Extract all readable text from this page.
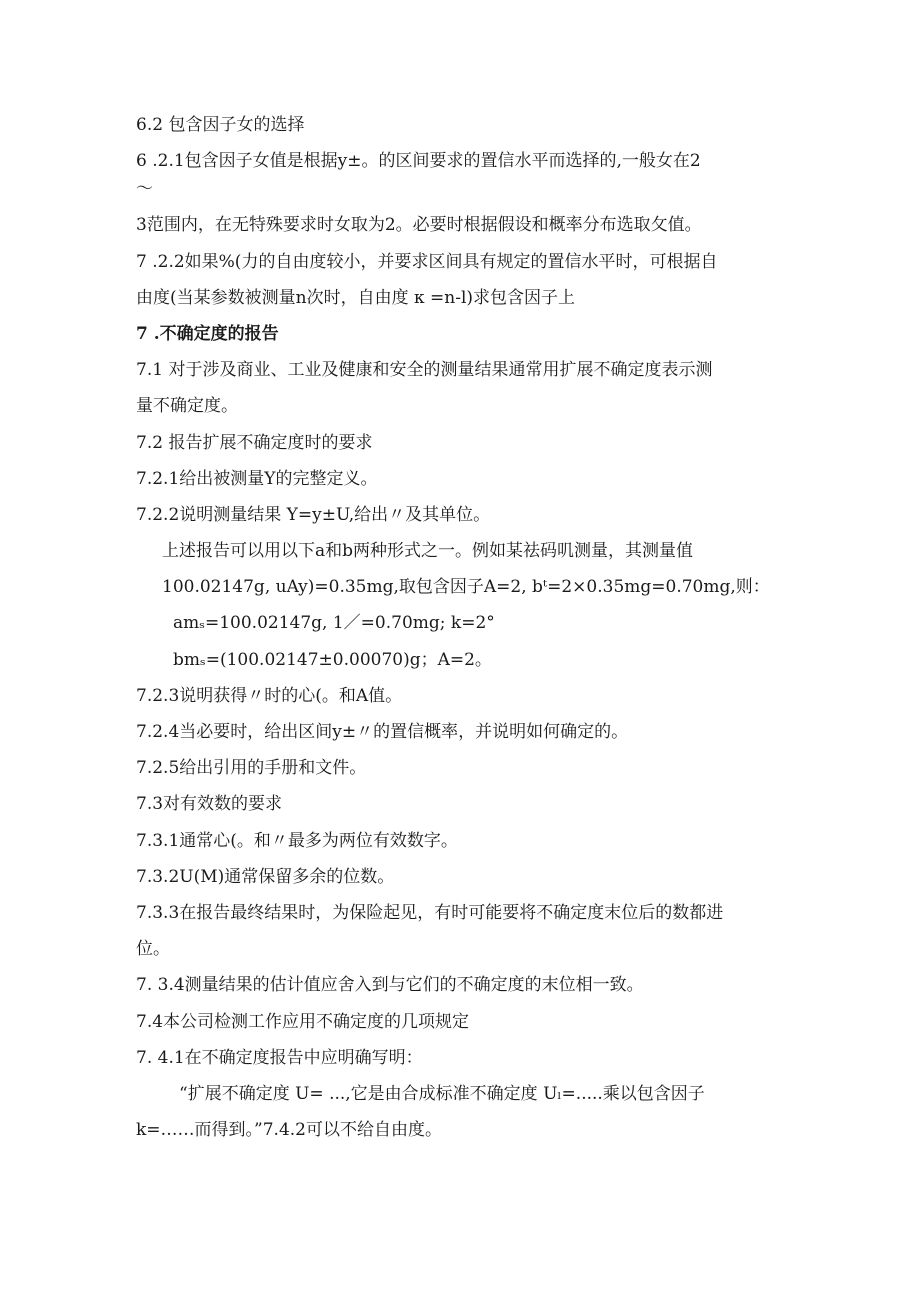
6.2 包含因子女的选择
6 .2.1包含因子女值是根据y±。的区间要求的置信水平而选择的,一般女在2
〜
3范围内，在无特殊要求时女取为2。必要时根据假设和概率分布选取攵值。
7 .2.2如果%(力的自由度较小，并要求区间具有规定的置信水平时，可根据自
由度(当某参数被测量n次时，自由度 κ =n-l)求包含因子上
7 .不确定度的报告
7.1 对于涉及商业、工业及健康和安全的测量结果通常用扩展不确定度表示测
量不确定度。
7.2 报告扩展不确定度时的要求
7.2.1给出被测量Y的完整定义。
7.2.2说明测量结果 Y=y±U,给出〃及其单位。
上述报告可以用以下a和b两种形式之一。例如某祛码叽测量，其测量值
100.02147g, uAy)=0.35mg,取包含因子A=2, bᵗ=2×0.35mg=0.70mg,则：
amₛ=100.02147g, 1／=0.70mg; k=2°
bmₛ=(100.02147±0.00070)g；A=2。
7.2.3说明获得〃时的心(。和A值。
7.2.4当必要时，给出区间y±〃的置信概率，并说明如何确定的。
7.2.5给出引用的手册和文件。
7.3对有效数的要求
7.3.1通常心(。和〃最多为两位有效数字。
7.3.2U(M)通常保留多余的位数。
7.3.3在报告最终结果时，为保险起见，有时可能要将不确定度末位后的数都进
位。
7. 3.4测量结果的估计值应舍入到与它们的不确定度的末位相一致。
7.4本公司检测工作应用不确定度的几项规定
7. 4.1在不确定度报告中应明确写明：
“扩展不确定度 U= ...,它是由合成标准不确定度 Uₗ=.....乘以包含因子
k=……而得到。”7.4.2可以不给自由度。
